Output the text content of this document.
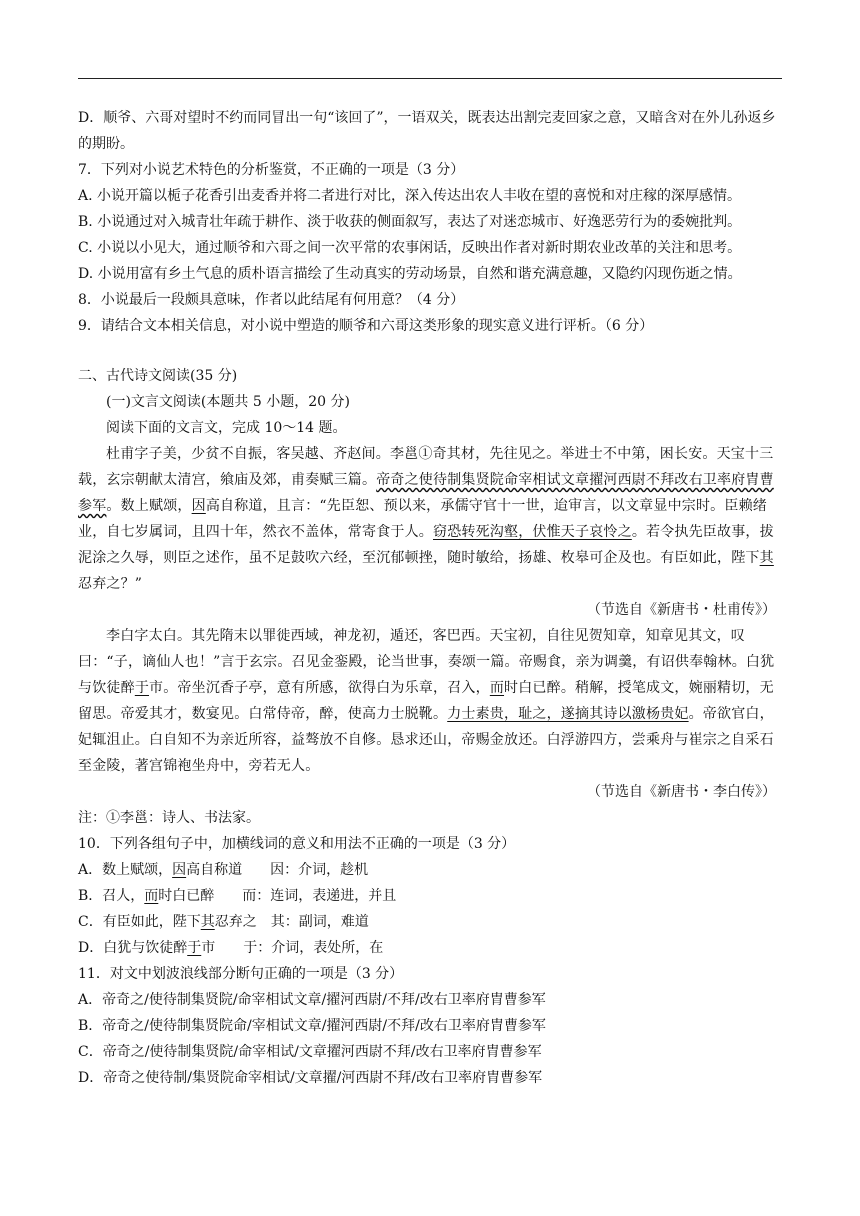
D．顺爷、六哥对望时不约而同冒出一句“该回了”，一语双关，既表达出割完麦回家之意，又暗含对在外儿孙返乡的期盼。

7．下列对小说艺术特色的分析鉴赏，不正确的一项是（3 分）

A. 小说开篇以栀子花香引出麦香并将二者进行对比，深入传达出农人丰收在望的喜悦和对庄稼的深厚感情。

B. 小说通过对入城青壮年疏于耕作、淡于收获的侧面叙写，表达了对迷恋城市、好逸恶劳行为的委婉批判。

C. 小说以小见大，通过顺爷和六哥之间一次平常的农事闲话，反映出作者对新时期农业改革的关注和思考。

D. 小说用富有乡土气息的质朴语言描绘了生动真实的劳动场景，自然和谐充满意趣，又隐约闪现伤逝之情。

8．小说最后一段颇具意味，作者以此结尾有何用意？（4 分）

9．请结合文本相关信息，对小说中塑造的顺爷和六哥这类形象的现实意义进行评析。（6 分）

二、古代诗文阅读(35 分)

(一)文言文阅读(本题共 5 小题，20 分)

阅读下面的文言文，完成 10～14 题。

杜甫字子美，少贫不自振，客吴越、齐赵间。李邕①奇其材，先往见之。举进士不中第，困长安。天宝十三载，玄宗朝献太清宫，飨庙及郊，甫奏赋三篇。帝奇之使待制集贤院命宰相试文章擢河西尉不拜改右卫率府胄曹参军。数上赋颂，因高自称道，且言：“先臣恕、预以来，承儒守官十一世，迨审言，以文章显中宗时。臣赖绪业，自七岁属词，且四十年，然衣不盖体，常寄食于人。窃恐转死沟壑，伏惟天子哀怜之。若令执先臣故事，拔泥涂之久辱，则臣之述作，虽不足鼓吹六经，至沉郁顿挫，随时敏给，扬雄、枚皋可企及也。有臣如此，陛下其忍弃之？”

（节选自《新唐书・杜甫传》）

李白字太白。其先隋末以罪徙西域，神龙初，遁还，客巴西。天宝初，自往见贺知章，知章见其文，叹曰：“子，谪仙人也！”言于玄宗。召见金銮殿，论当世事，奏颂一篇。帝赐食，亲为调羹，有诏供奉翰林。白犹与饮徒醉于市。帝坐沉香子亭，意有所感，欲得白为乐章，召入，而时白已醉。稍解，授笔成文，婉丽精切，无留思。帝爱其才，数宴见。白常侍帝，醉，使高力士脱靴。力士素贵，耻之，遂摘其诗以激杨贵妃。帝欲官白，妃辄沮止。白自知不为亲近所容，益骜放不自修。恳求还山，帝赐金放还。白浮游四方，尝乘舟与崔宗之自采石至金陵，著宫锦袍坐舟中，旁若无人。

（节选自《新唐书・李白传》）

注：①李邕：诗人、书法家。

10．下列各组句子中，加横线词的意义和用法不正确的一项是（3 分）

A．数上赋颂，因高自称道   因：介词，趁机

B．召人，而时白已醉   而：连词，表递进，并且

C．有臣如此，陛下其忍弃之  其：副词，难道

D．白犹与饮徒醉于市   于：介词，表处所，在

11．对文中划波浪线部分断句正确的一项是（3 分）

A．帝奇之/使待制集贤院/命宰相试文章/擢河西尉/不拜/改右卫率府胄曹参军

B．帝奇之/使待制集贤院命/宰相试文章/擢河西尉/不拜/改右卫率府胄曹参军

C．帝奇之/使待制集贤院/命宰相试/文章擢河西尉不拜/改右卫率府胄曹参军

D．帝奇之使待制/集贤院命宰相试/文章擢/河西尉不拜/改右卫率府胄曹参军
